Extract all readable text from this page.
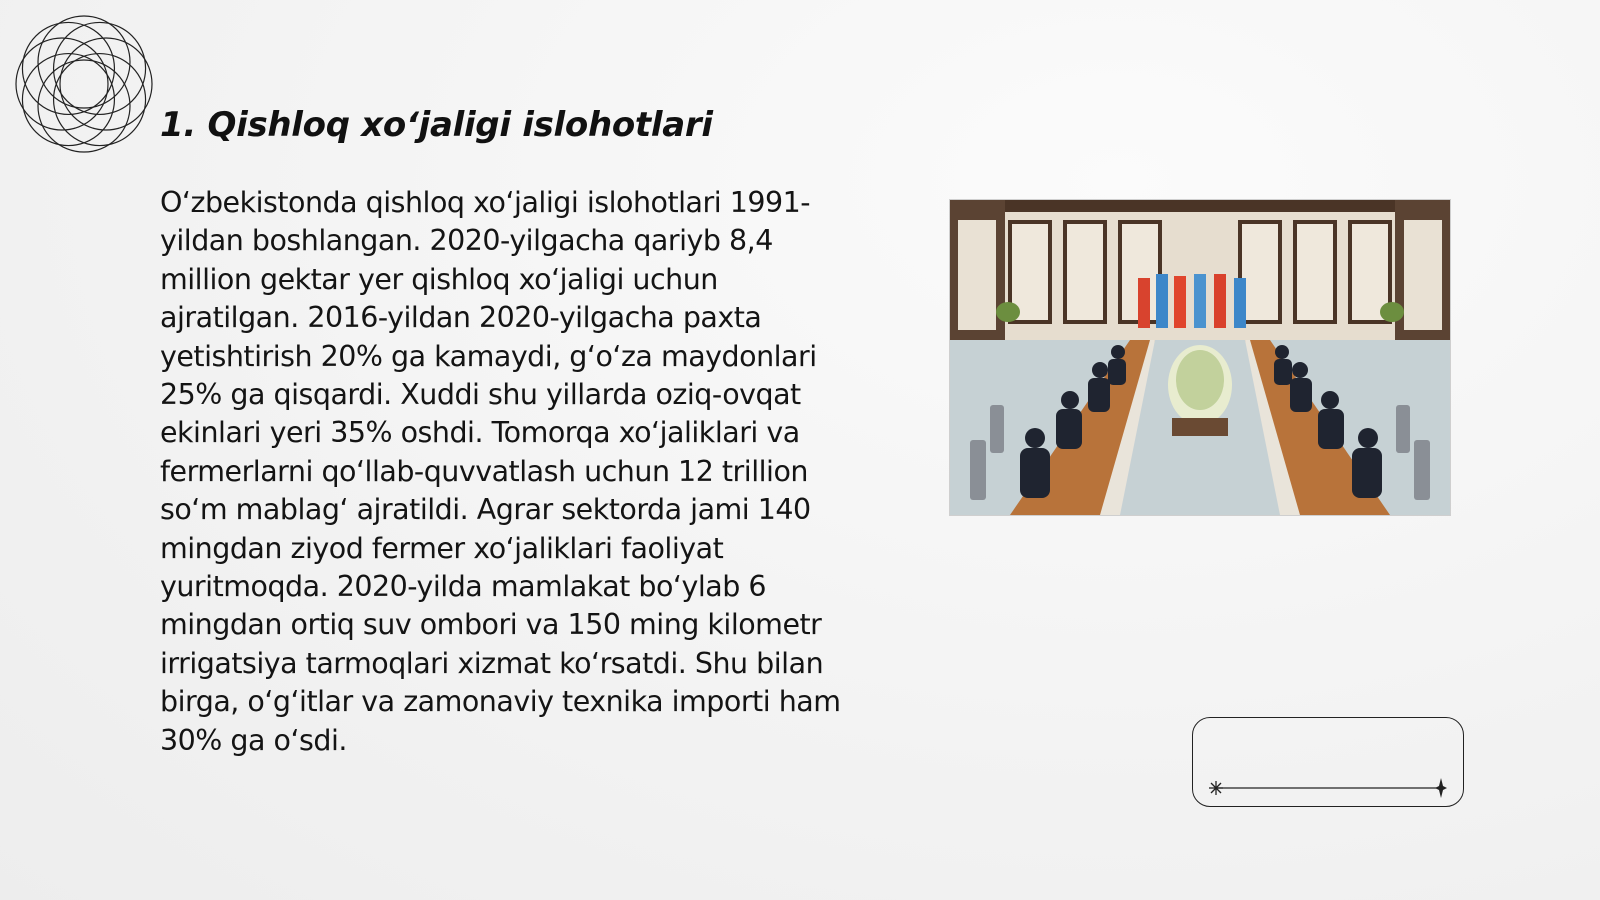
1. Qishloq xo‘jaligi islohotlari

O‘zbekistonda qishloq xo‘jaligi islohotlari 1991-yildan boshlangan. 2020-yilgacha qariyb 8,4 million gektar yer qishloq xo‘jaligi uchun ajratilgan. 2016-yildan 2020-yilgacha paxta yetishtirish 20% ga kamaydi, g‘o‘za maydonlari 25% ga qisqardi. Xuddi shu yillarda oziq-ovqat ekinlari yeri 35% oshdi. Tomorqa xo‘jaliklari va fermerlarni qo‘llab-quvvatlash uchun 12 trillion so‘m mablag‘ ajratildi. Agrar sektorda jami 140 mingdan ziyod fermer xo‘jaliklari faoliyat yuritmoqda. 2020-yilda mamlakat bo‘ylab 6 mingdan ortiq suv ombori va 150 ming kilometr irrigatsiya tarmoqlari xizmat ko‘rsatdi. Shu bilan birga, o‘g‘itlar va zamonaviy texnika importi ham 30% ga o‘sdi.
